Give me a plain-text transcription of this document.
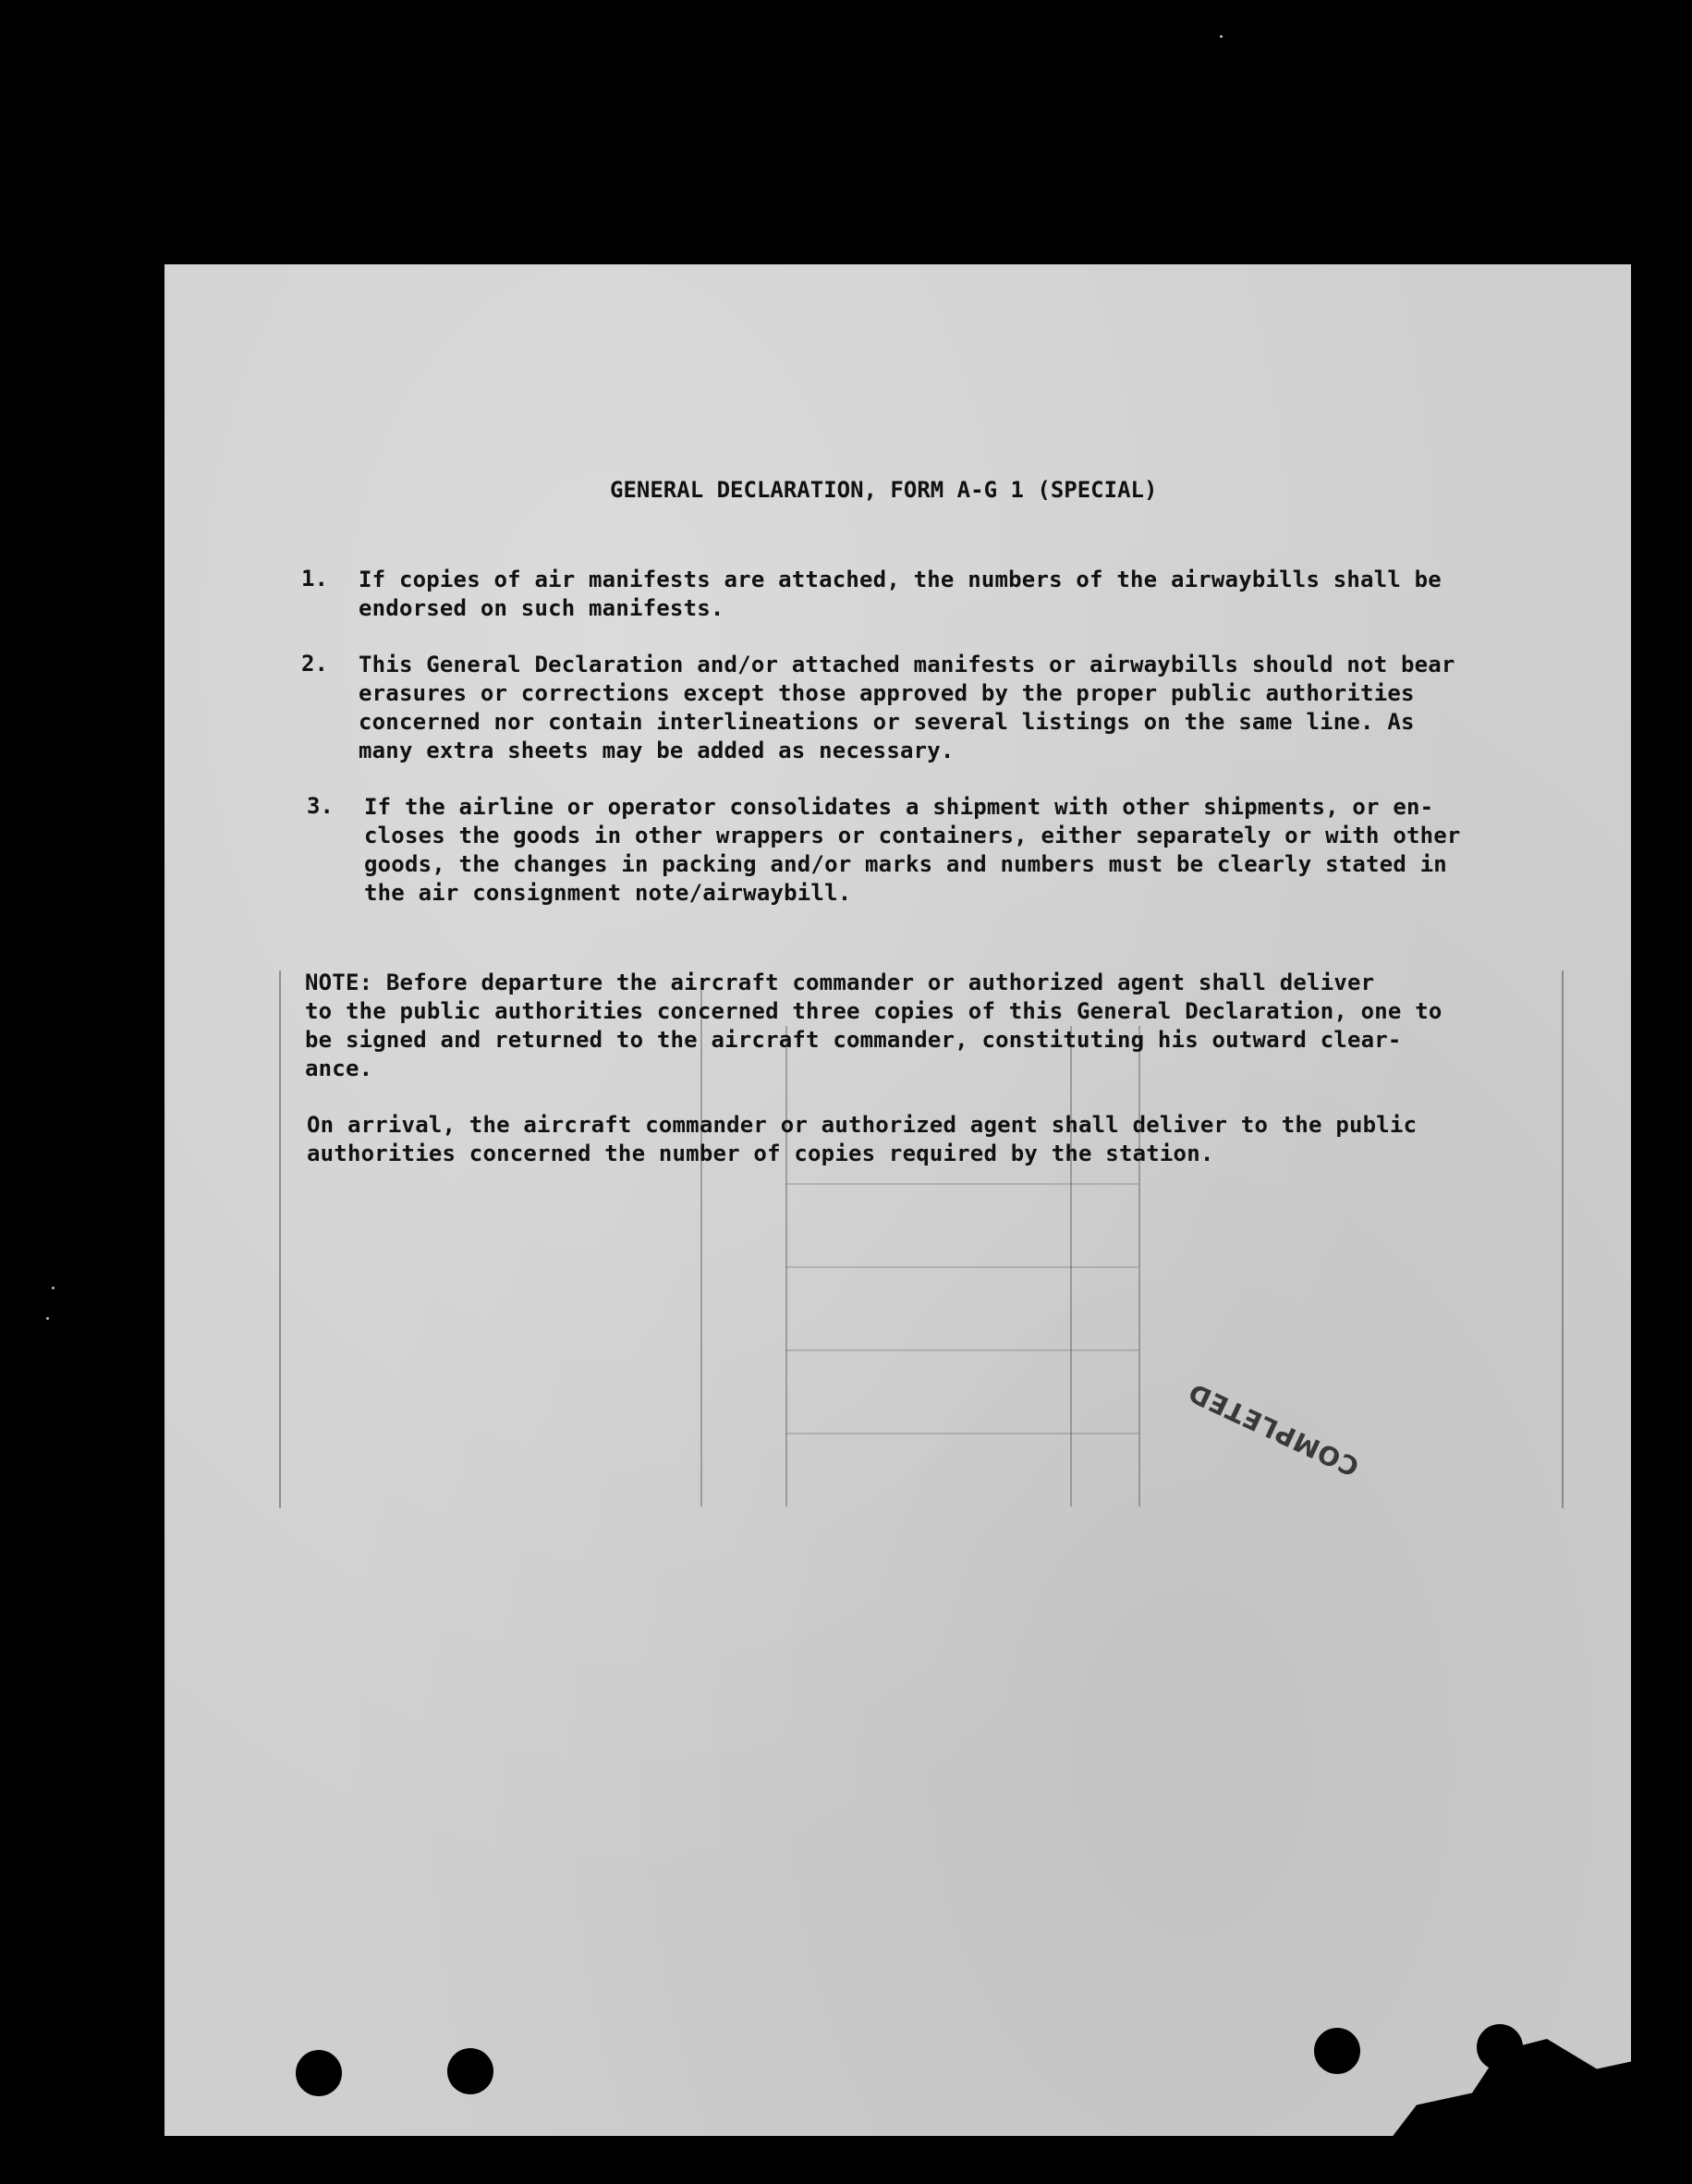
GENERAL DECLARATION, FORM A-G 1 (SPECIAL)
1. If copies of air manifests are attached, the numbers of the airwaybills shall be
endorsed on such manifests.
2. This General Declaration and/or attached manifests or airwaybills should not bear
erasures or corrections except those approved by the proper public authorities
concerned nor contain interlineations or several listings on the same line. As
many extra sheets may be added as necessary.
3. If the airline or operator consolidates a shipment with other shipments, or en-
closes the goods in other wrappers or containers, either separately or with other
goods, the changes in packing and/or marks and numbers must be clearly stated in
the air consignment note/airwaybill.
NOTE: Before departure the aircraft commander or authorized agent shall deliver
to the public authorities concerned three copies of this General Declaration, one to
be signed and returned to the aircraft commander, constituting his outward clear-
ance.
On arrival, the aircraft commander or authorized agent shall deliver to the public
authorities concerned the number of copies required by the station.
COMPLETED
